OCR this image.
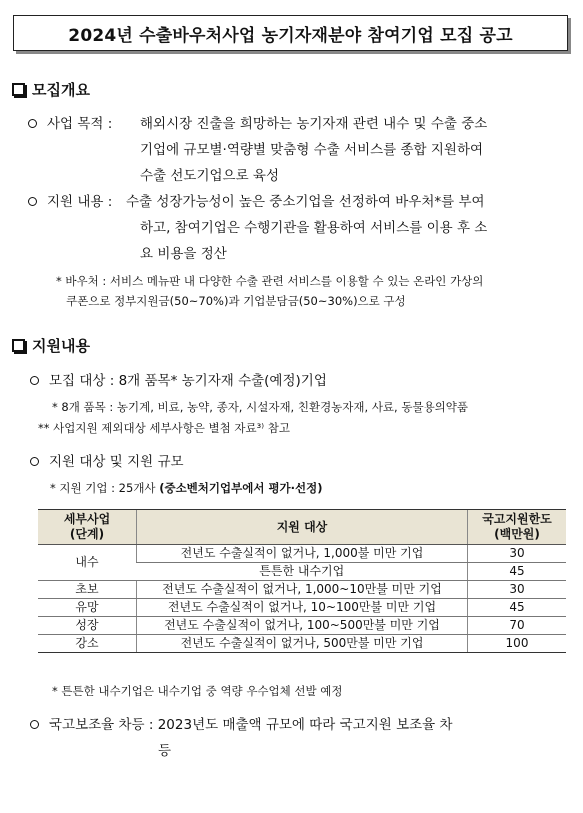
2024년 수출바우처사업 농기자재분야 참여기업 모집 공고
모집개요
사업 목적 : 해외시장 진출을 희망하는 농기자재 관련 내수 및 수출 중소
기업에 규모별·역량별 맞춤형 수출 서비스를 종합 지원하여
수출 선도기업으로 육성
지원 내용 : 수출 성장가능성이 높은 중소기업을 선정하여 바우처*를 부여
하고, 참여기업은 수행기관을 활용하여 서비스를 이용 후 소
요 비용을 정산
* 바우처 : 서비스 메뉴판 내 다양한 수출 관련 서비스를 이용할 수 있는 온라인 가상의
쿠폰으로 정부지원금(50~70%)과 기업분담금(50~30%)으로 구성
지원내용
모집 대상 : 8개 품목* 농기자재 수출(예정)기업
* 8개 품목 : 농기계, 비료, 농약, 종자, 시설자재, 친환경농자재, 사료, 동물용의약품
** 사업지원 제외대상 세부사항은 별첨 자료³⁾ 참고
지원 대상 및 지원 규모
* 지원 기업 : 25개사 (중소벤처기업부에서 평가·선정)
세부사업
(단계)	지원 대상	국고지원한도
(백만원)
내수	전년도 수출실적이 없거나, 1,000불 미만 기업	30
	튼튼한 내수기업	45
초보	전년도 수출실적이 없거나, 1,000~10만불 미만 기업	30
유망	전년도 수출실적이 없거나, 10~100만불 미만 기업	45
성장	전년도 수출실적이 없거나, 100~500만불 미만 기업	70
강소	전년도 수출실적이 없거나, 500만불 미만 기업	100
* 튼튼한 내수기업은 내수기업 중 역량 우수업체 선발 예정
국고보조율 차등 : 2023년도 매출액 규모에 따라 국고지원 보조율 차
등
